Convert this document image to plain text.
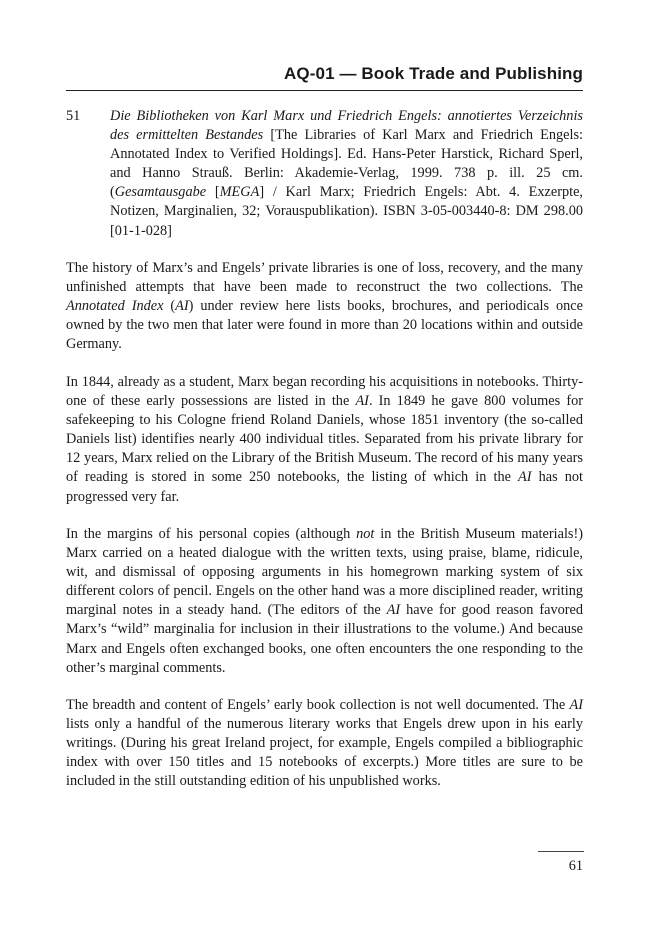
AQ-01 — Book Trade and Publishing
51 Die Bibliotheken von Karl Marx und Friedrich Engels: annotiertes Verzeichnis des ermittelten Bestandes [The Libraries of Karl Marx and Friedrich Engels: Annotated Index to Verified Holdings]. Ed. Hans-Peter Harstick, Richard Sperl, and Hanno Strauß. Berlin: Akademie-Verlag, 1999. 738 p. ill. 25 cm. (Gesamtausgabe [MEGA] / Karl Marx; Friedrich Engels: Abt. 4. Exzerpte, Notizen, Marginalien, 32; Vorauspublikation). ISBN 3-05-003440-8: DM 298.00 [01-1-028]
The history of Marx’s and Engels’ private libraries is one of loss, recovery, and the many unfinished attempts that have been made to reconstruct the two collections. The Annotated Index (AI) under review here lists books, brochures, and periodicals once owned by the two men that later were found in more than 20 locations within and outside Germany.
In 1844, already as a student, Marx began recording his acquisitions in notebooks. Thirty-one of these early possessions are listed in the AI. In 1849 he gave 800 volumes for safekeeping to his Cologne friend Roland Daniels, whose 1851 inventory (the so-called Daniels list) identifies nearly 400 individual titles. Separated from his private library for 12 years, Marx relied on the Library of the British Museum. The record of his many years of reading is stored in some 250 notebooks, the listing of which in the AI has not progressed very far.
In the margins of his personal copies (although not in the British Museum materials!) Marx carried on a heated dialogue with the written texts, using praise, blame, ridicule, wit, and dismissal of opposing arguments in his homegrown marking system of six different colors of pencil. Engels on the other hand was a more disciplined reader, writing marginal notes in a steady hand. (The editors of the AI have for good reason favored Marx’s “wild” marginalia for inclusion in their illustrations to the volume.) And because Marx and Engels often exchanged books, one often encounters the one responding to the other’s marginal comments.
The breadth and content of Engels’ early book collection is not well documented. The AI lists only a handful of the numerous literary works that Engels drew upon in his early writings. (During his great Ireland project, for example, Engels compiled a bibliographic index with over 150 titles and 15 notebooks of excerpts.) More titles are sure to be included in the still outstanding edition of his unpublished works.
61
